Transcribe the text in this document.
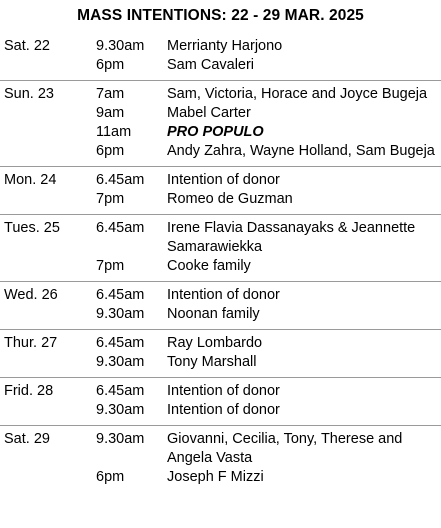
MASS INTENTIONS: 22 - 29 MAR. 2025
Sat. 22	9.30am Merrianty Harjono
6pm	Sam Cavaleri
Sun. 23	7am	Sam, Victoria, Horace and Joyce Bugeja
9am	Mabel Carter
11am PRO POPULO
6pm	Andy Zahra, Wayne Holland, Sam Bugeja
Mon. 24	6.45am Intention of donor
7pm	Romeo de Guzman
Tues. 25 6.45am Irene Flavia Dassanayaks & Jeannette Samarawiekka
7pm	Cooke family
Wed. 26	6.45am Intention of donor
9.30am Noonan family
Thur. 27	6.45am Ray Lombardo
9.30am Tony Marshall
Frid. 28	6.45am Intention of donor
9.30am Intention of donor
Sat. 29	9.30am Giovanni, Cecilia, Tony, Therese and Angela Vasta
6pm	Joseph F Mizzi
